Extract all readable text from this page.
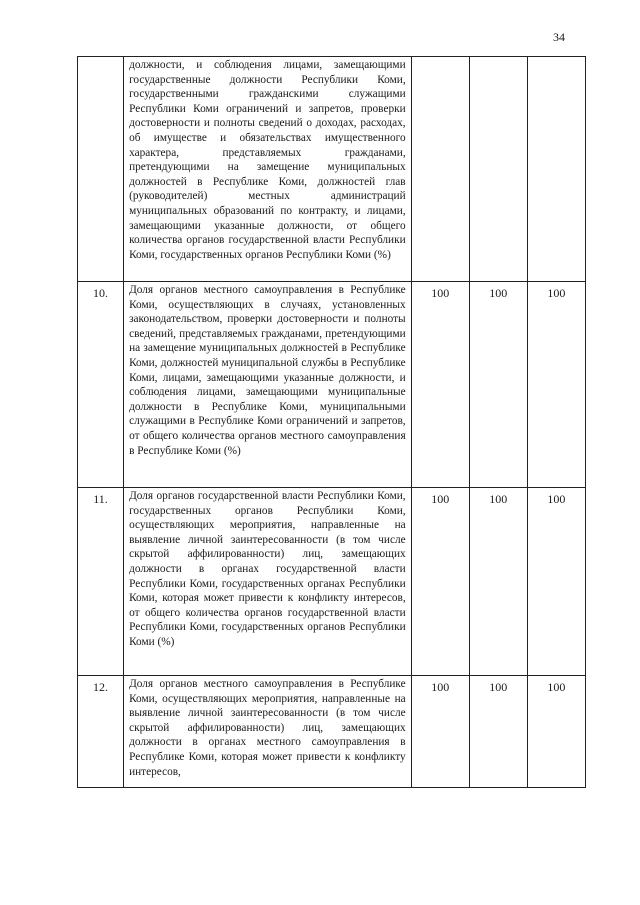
34
	должности, и соблюдения лицами, замещающими государственные должности Республики Коми, государственными гражданскими служащими Республики Коми ограничений и запретов, проверки достоверности и полноты сведений о доходах, расходах, об имуществе и обязательствах имущественного характера, представляемых гражданами, претендующими на замещение муниципальных должностей в Республике Коми, должностей глав (руководителей) местных администраций муниципальных образований по контракту, и лицами, замещающими указанные должности, от общего количества органов государственной власти Республики Коми, государственных органов Республики Коми (%)			
10.	Доля органов местного самоуправления в Республике Коми, осуществляющих в случаях, установленных законодательством, проверки достоверности и полноты сведений, представляемых гражданами, претендующими на замещение муниципальных должностей в Республике Коми, должностей муниципальной службы в Республике Коми, лицами, замещающими указанные должности, и соблюдения лицами, замещающими муниципальные должности в Республике Коми, муниципальными служащими в Республике Коми ограничений и запретов, от общего количества органов местного самоуправления в Республике Коми (%)	100	100	100
11.	Доля органов государственной власти Республики Коми, государственных органов Республики Коми, осуществляющих мероприятия, направленные на выявление личной заинтересованности (в том числе скрытой аффилированности) лиц, замещающих должности в органах государственной власти Республики Коми, государственных органах Республики Коми, которая может привести к конфликту интересов, от общего количества органов государственной власти Республики Коми, государственных органов Республики Коми (%)	100	100	100
12.	Доля органов местного самоуправления в Республике Коми, осуществляющих мероприятия, направленные на выявление личной заинтересованности (в том числе скрытой аффилированности) лиц, замещающих должности в органах местного самоуправления в Республике Коми, которая может привести к конфликту интересов,	100	100	100
